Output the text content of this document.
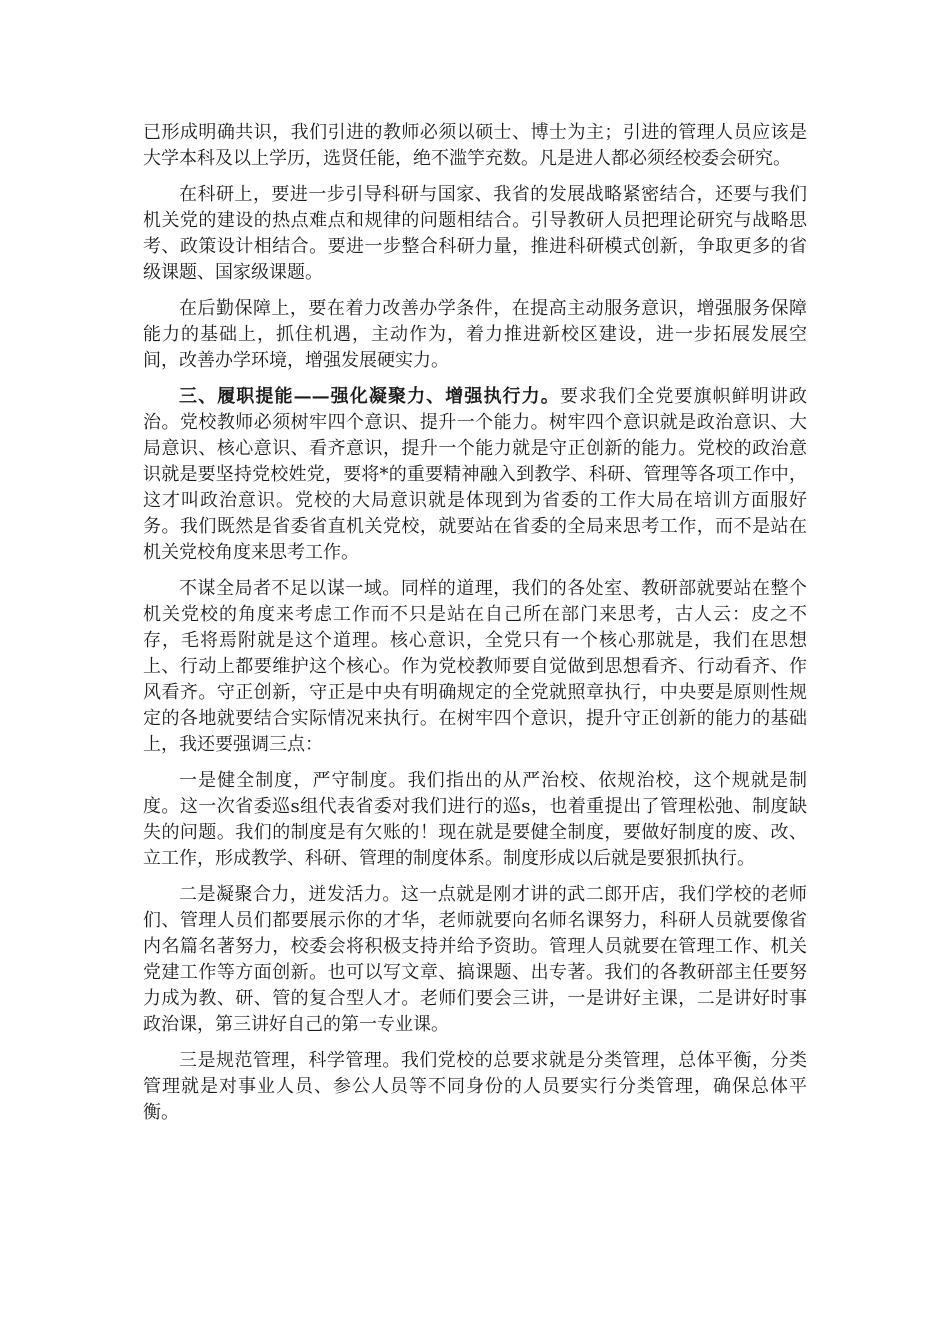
已形成明确共识，我们引进的教师必须以硕士、博士为主；引进的管理人员应该是大学本科及以上学历，选贤任能，绝不滥竽充数。凡是进人都必须经校委会研究。

在科研上，要进一步引导科研与国家、我省的发展战略紧密结合，还要与我们机关党的建设的热点难点和规律的问题相结合。引导教研人员把理论研究与战略思考、政策设计相结合。要进一步整合科研力量，推进科研模式创新，争取更多的省级课题、国家级课题。

在后勤保障上，要在着力改善办学条件，在提高主动服务意识，增强服务保障能力的基础上，抓住机遇，主动作为，着力推进新校区建设，进一步拓展发展空间，改善办学环境，增强发展硬实力。

三、履职提能——强化凝聚力、增强执行力。要求我们全党要旗帜鲜明讲政治。党校教师必须树牢四个意识、提升一个能力。树牢四个意识就是政治意识、大局意识、核心意识、看齐意识，提升一个能力就是守正创新的能力。党校的政治意识就是要坚持党校姓党，要将*的重要精神融入到教学、科研、管理等各项工作中，这才叫政治意识。党校的大局意识就是体现到为省委的工作大局在培训方面服好务。我们既然是省委省直机关党校，就要站在省委的全局来思考工作，而不是站在机关党校角度来思考工作。

不谋全局者不足以谋一域。同样的道理，我们的各处室、教研部就要站在整个机关党校的角度来考虑工作而不只是站在自己所在部门来思考，古人云：皮之不存，毛将焉附就是这个道理。核心意识，全党只有一个核心那就是，我们在思想上、行动上都要维护这个核心。作为党校教师要自觉做到思想看齐、行动看齐、作风看齐。守正创新，守正是中央有明确规定的全党就照章执行，中央要是原则性规定的各地就要结合实际情况来执行。在树牢四个意识，提升守正创新的能力的基础上，我还要强调三点：

一是健全制度，严守制度。我们指出的从严治校、依规治校，这个规就是制度。这一次省委巡s组代表省委对我们进行的巡s，也着重提出了管理松弛、制度缺失的问题。我们的制度是有欠账的！现在就是要健全制度，要做好制度的废、改、立工作，形成教学、科研、管理的制度体系。制度形成以后就是要狠抓执行。

二是凝聚合力，迸发活力。这一点就是刚才讲的武二郎开店，我们学校的老师们、管理人员们都要展示你的才华，老师就要向名师名课努力，科研人员就要像省内名篇名著努力，校委会将积极支持并给予资助。管理人员就要在管理工作、机关党建工作等方面创新。也可以写文章、搞课题、出专著。我们的各教研部主任要努力成为教、研、管的复合型人才。老师们要会三讲，一是讲好主课，二是讲好时事政治课，第三讲好自己的第一专业课。

三是规范管理，科学管理。我们党校的总要求就是分类管理，总体平衡，分类管理就是对事业人员、参公人员等不同身份的人员要实行分类管理，确保总体平衡。
